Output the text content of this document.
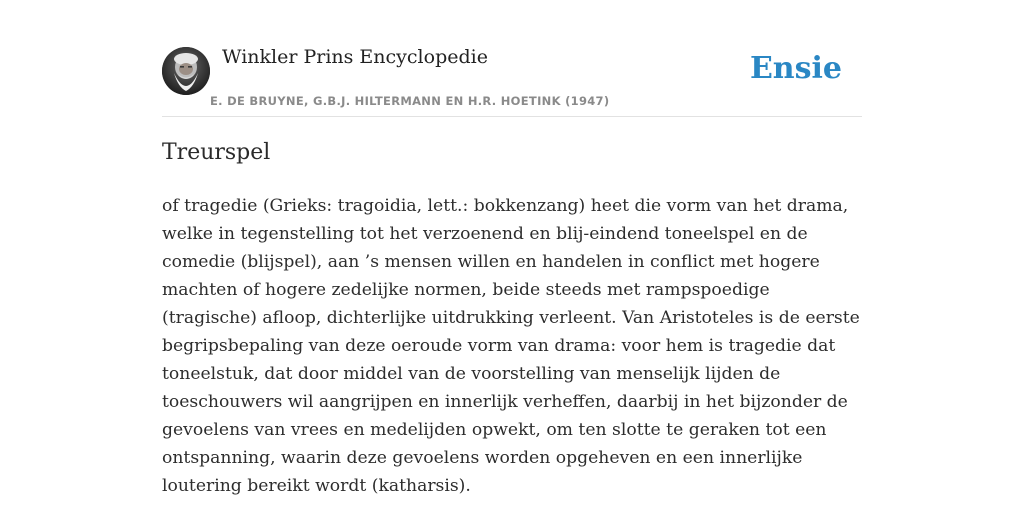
Winkler Prins Encyclopedie
E. DE BRUYNE, G.B.J. HILTERMANN EN H.R. HOETINK (1947)
Ensie
Treurspel

of tragedie (Grieks: tragoidia, lett.: bokkenzang) heet die vorm van het drama, welke in tegenstelling tot het verzoenend en blij-eindend toneelspel en de comedie (blijspel), aan ’s mensen willen en handelen in conflict met hogere machten of hogere zedelijke normen, beide steeds met rampspoedige (tragische) afloop, dichterlijke uitdrukking verleent. Van Aristoteles is de eerste begripsbepaling van deze oeroude vorm van drama: voor hem is tragedie dat toneelstuk, dat door middel van de voorstelling van menselijk lijden de toeschouwers wil aangrijpen en innerlijk verheffen, daarbij in het bijzonder de gevoelens van vrees en medelijden opwekt, om ten slotte te geraken tot een ontspanning, waarin deze gevoelens worden opgeheven en een innerlijke loutering bereikt wordt (katharsis).
